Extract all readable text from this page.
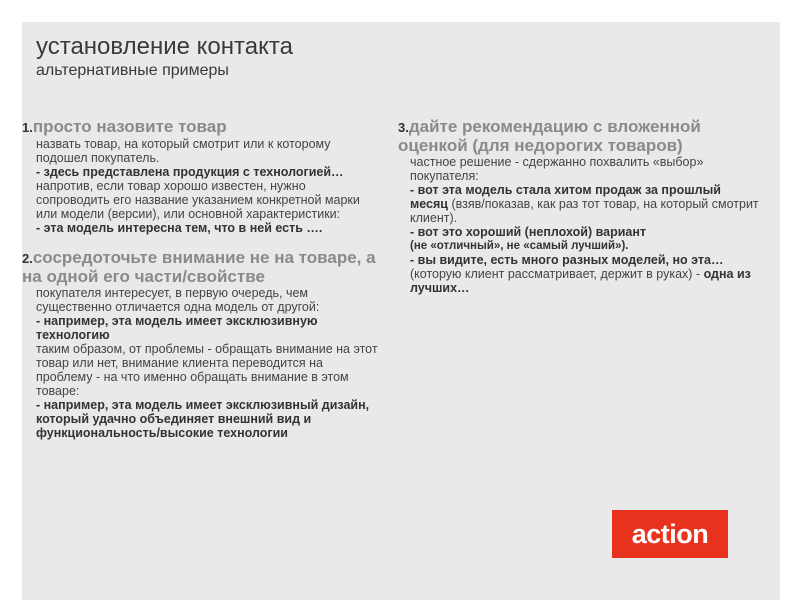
установление контакта
альтернативные примеры
1.просто назовите товар
назвать товар, на который смотрит или к которому подошел покупатель.
- здесь представлена продукция с технологией…
напротив, если товар хорошо известен, нужно сопроводить его название указанием конкретной марки или модели (версии), или основной характеристики:
- эта модель интересна тем, что в ней есть ….
2.сосредоточьте внимание не на товаре, а на одной его части/свойстве
покупателя интересует, в первую очередь, чем существенно отличается одна модель от другой:
- например, эта модель имеет эксклюзивную технологию
таким образом, от проблемы - обращать внимание на этот товар или нет, внимание клиента переводится на проблему - на что именно обращать внимание в этом товаре:
- например, эта модель имеет эксклюзивный дизайн, который удачно объединяет внешний вид и функциональность/высокие технологии
3.дайте рекомендацию с вложенной оценкой (для недорогих товаров)
частное решение - сдержанно похвалить «выбор» покупателя:
- вот эта модель стала хитом продаж за прошлый месяц (взяв/показав, как раз тот товар, на который смотрит клиент).
- вот это хороший (неплохой) вариант
(не «отличный», не «самый лучший»).
- вы видите, есть много разных моделей, но эта… (которую клиент рассматривает, держит в руках) - одна из лучших…
action
